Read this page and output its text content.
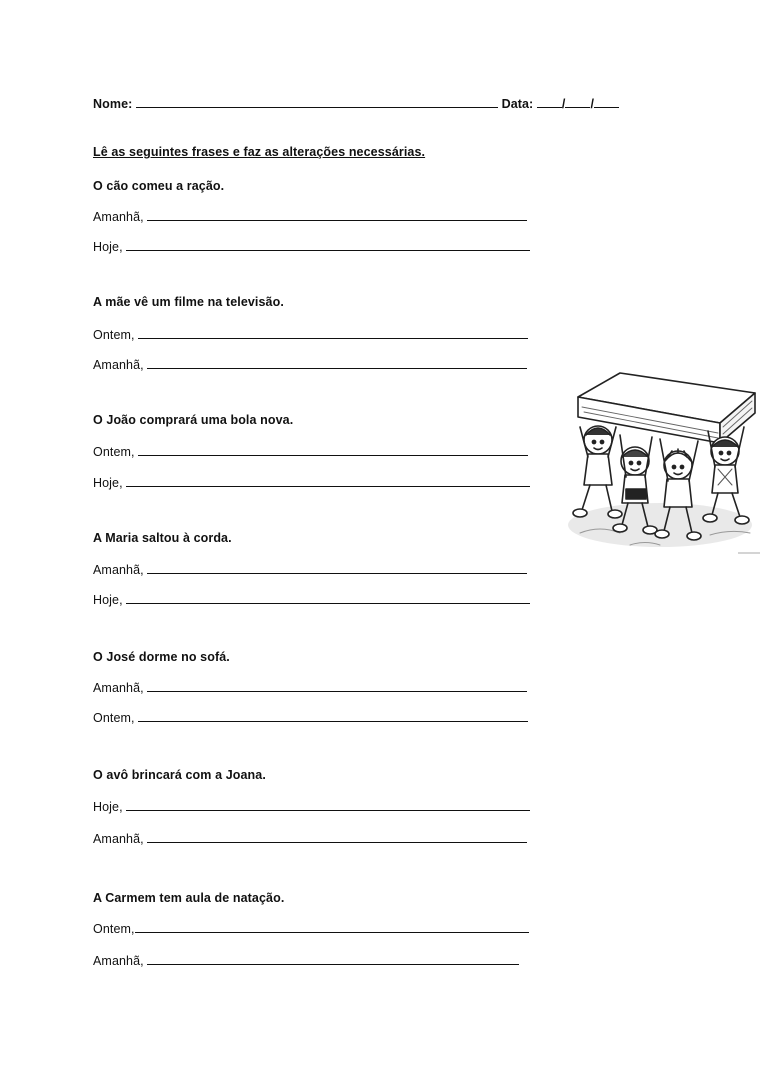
Nome:	Data: / /
Lê as seguintes frases e faz as alterações necessárias.
O cão comeu a ração.
Amanhã,
Hoje,
A mãe vê um filme na televisão.
Ontem,
Amanhã,
O João comprará uma bola nova.
Ontem,
Hoje,
A Maria saltou à corda.
Amanhã,
Hoje,
O José dorme no sofá.
Amanhã,
Ontem,
O avô brincará com a Joana.
Hoje,
Amanhã,
A Carmem tem aula de natação.
Ontem,
Amanhã,
